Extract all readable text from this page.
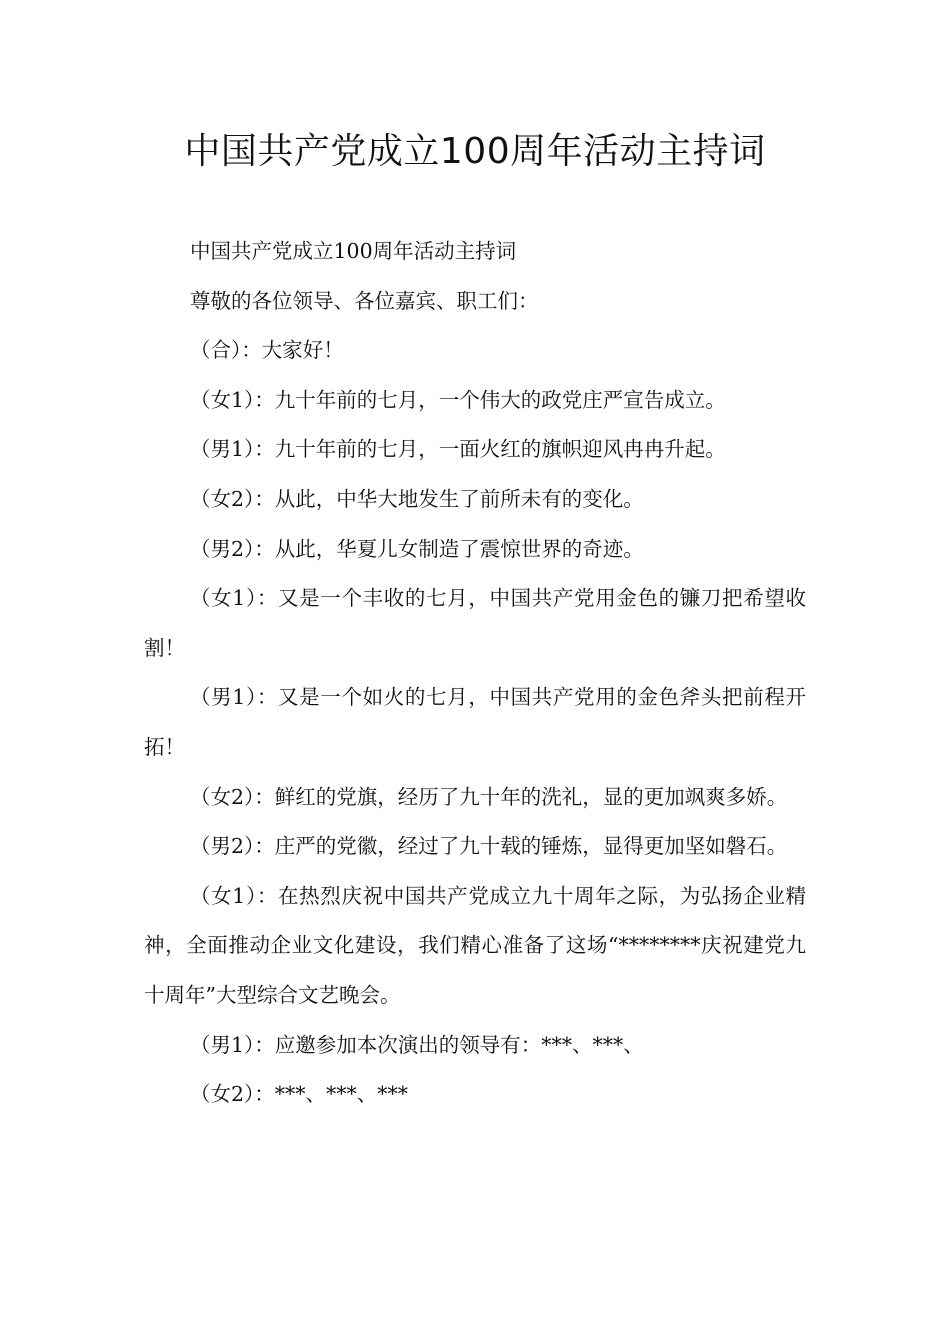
中国共产党成立100周年活动主持词

中国共产党成立100周年活动主持词

尊敬的各位领导、各位嘉宾、职工们：

（合）：大家好！

（女1）：九十年前的七月，一个伟大的政党庄严宣告成立。

（男1）：九十年前的七月，一面火红的旗帜迎风冉冉升起。

（女2）：从此，中华大地发生了前所未有的变化。

（男2）：从此，华夏儿女制造了震惊世界的奇迹。

（女1）：又是一个丰收的七月，中国共产党用金色的镰刀把希望收割！

（男1）：又是一个如火的七月，中国共产党用的金色斧头把前程开拓！

（女2）：鲜红的党旗，经历了九十年的洗礼，显的更加飒爽多娇。

（男2）：庄严的党徽，经过了九十载的锤炼，显得更加坚如磐石。

（女1）：在热烈庆祝中国共产党成立九十周年之际，为弘扬企业精神，全面推动企业文化建设，我们精心准备了这场“********庆祝建党九十周年”大型综合文艺晚会。

（男1）：应邀参加本次演出的领导有：***、***、

（女2）：***、***、***
